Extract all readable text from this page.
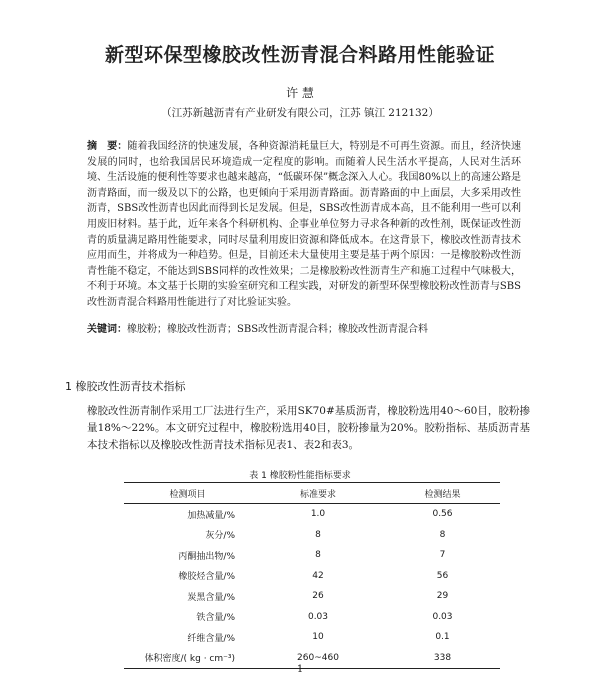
新型环保型橡胶改性沥青混合料路用性能验证
许 慧
（江苏新越沥青有产业研发有限公司，江苏 镇江 212132）
摘　要：随着我国经济的快速发展，各种资源消耗量巨大，特别是不可再生资源。而且，经济快速发展的同时，也给我国居民环境造成一定程度的影响。而随着人民生活水平提高，人民对生活环境、生活设施的便利性等要求也越来越高，“低碳环保”概念深入人心。我国80%以上的高速公路是沥青路面，而一级及以下的公路，也更倾向于采用沥青路面。沥青路面的中上面层，大多采用改性沥青，SBS改性沥青也因此而得到长足发展。但是，SBS改性沥青成本高，且不能利用一些可以利用废旧材料。基于此，近年来各个科研机构、企事业单位努力寻求各种新的改性剂，既保证改性沥青的质量满足路用性能要求，同时尽量利用废旧资源和降低成本。在这背景下，橡胶改性沥青技术应用而生，并将成为一种趋势。但是，目前还未大量使用主要是基于两个原因：一是橡胶粉改性沥青性能不稳定，不能达到SBS同样的改性效果；二是橡胶粉改性沥青生产和施工过程中气味极大，不利于环境。本文基于长期的实验室研究和工程实践，对研发的新型环保型橡胶粉改性沥青与SBS改性沥青混合料路用性能进行了对比验证实验。
关键词：橡胶粉；橡胶改性沥青；SBS改性沥青混合料；橡胶改性沥青混合料
1 橡胶改性沥青技术指标
橡胶改性沥青制作采用工厂法进行生产，采用SK70#基质沥青，橡胶粉选用40～60目，胶粉掺量18%～22%。本文研究过程中，橡胶粉选用40目，胶粉掺量为20%。胶粉指标、基质沥青基本技术指标以及橡胶改性沥青技术指标见表1、表2和表3。
表 1 橡胶粉性能指标要求
检测项目	标准要求	检测结果
加热减量/%	1.0	0.56
灰分/%	8	8
丙酮抽出物/%	8	7
橡胶烃含量/%	42	56
炭黑含量/%	26	29
铁含量/%	0.03	0.03
纤维含量/%	10	0.1
体积密度/( kg · cm⁻³)	260~460	338
1
